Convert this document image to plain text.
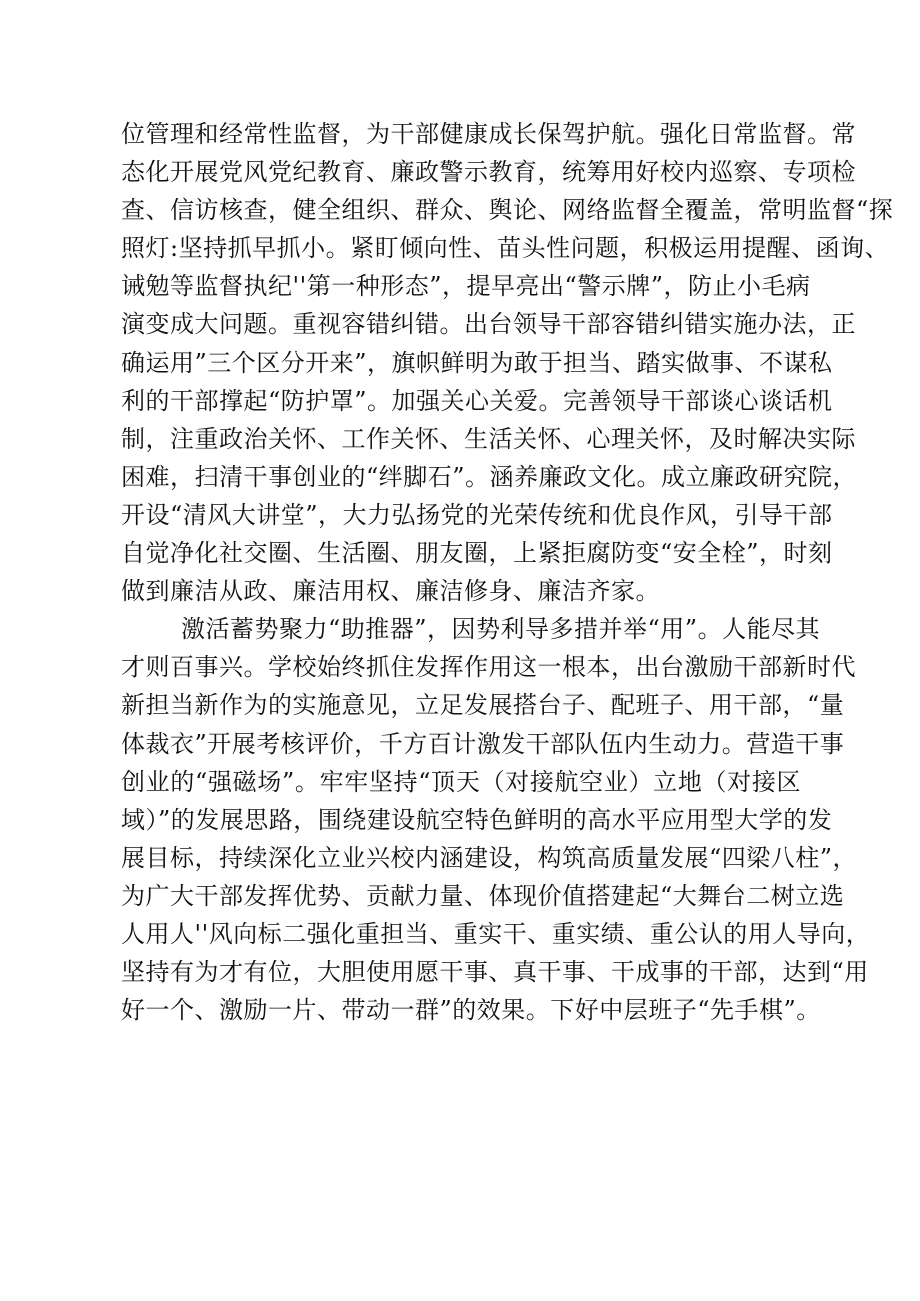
位管理和经常性监督，为干部健康成长保驾护航。强化日常监督。常
态化开展党风党纪教育、廉政警示教育，统筹用好校内巡察、专项检
查、信访核查，健全组织、群众、舆论、网络监督全覆盖，常明监督“探
照灯:坚持抓早抓小。紧盯倾向性、苗头性问题，积极运用提醒、函询、
诫勉等监督执纪''第一种形态”，提早亮出“警示牌”，防止小毛病
演变成大问题。重视容错纠错。出台领导干部容错纠错实施办法，正
确运用”三个区分开来”，旗帜鲜明为敢于担当、踏实做事、不谋私
利的干部撑起“防护罩”。加强关心关爱。完善领导干部谈心谈话机
制，注重政治关怀、工作关怀、生活关怀、心理关怀，及时解决实际
困难，扫清干事创业的“绊脚石”。涵养廉政文化。成立廉政研究院，
开设“清风大讲堂”，大力弘扬党的光荣传统和优良作风，引导干部
自觉净化社交圈、生活圈、朋友圈，上紧拒腐防变“安全栓”，时刻
做到廉洁从政、廉洁用权、廉洁修身、廉洁齐家。
激活蓄势聚力“助推器”，因势利导多措并举“用”。人能尽其
才则百事兴。学校始终抓住发挥作用这一根本，出台激励干部新时代
新担当新作为的实施意见，立足发展搭台子、配班子、用干部，“量
体裁衣”开展考核评价，千方百计激发干部队伍内生动力。营造干事
创业的“强磁场”。牢牢坚持“顶天（对接航空业）立地（对接区
域）”的发展思路，围绕建设航空特色鲜明的高水平应用型大学的发
展目标，持续深化立业兴校内涵建设，构筑高质量发展“四梁八柱”，
为广大干部发挥优势、贡献力量、体现价值搭建起“大舞台二树立选
人用人''风向标二强化重担当、重实干、重实绩、重公认的用人导向，
坚持有为才有位，大胆使用愿干事、真干事、干成事的干部，达到“用
好一个、激励一片、带动一群”的效果。下好中层班子“先手棋”。
